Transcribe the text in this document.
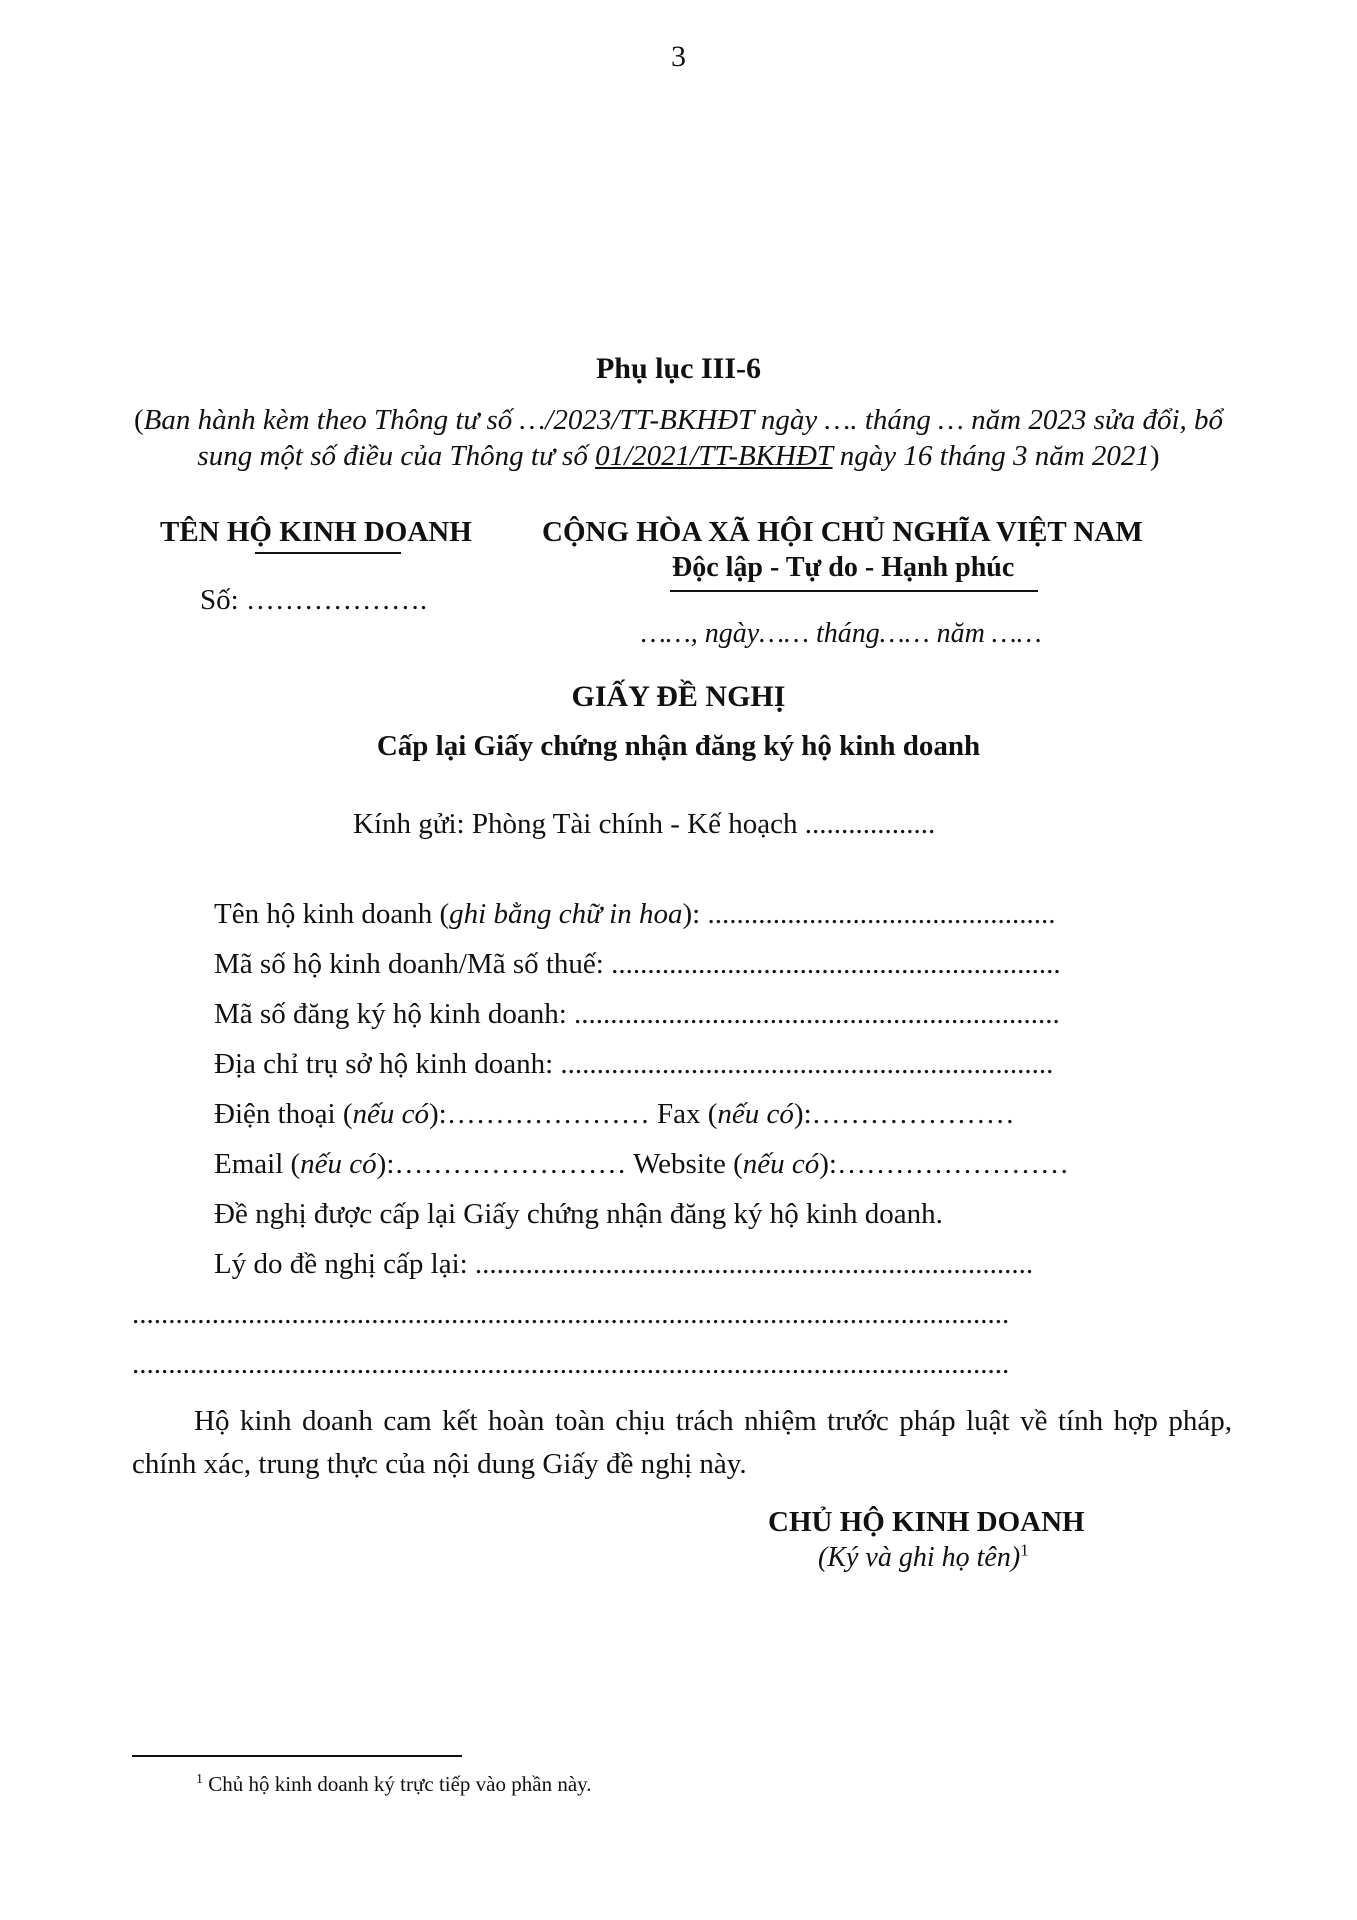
3
Phụ lục III-6
(Ban hành kèm theo Thông tư số …/2023/TT-BKHĐT ngày …. tháng … năm 2023 sửa đổi, bổ
sung một số điều của Thông tư số 01/2021/TT-BKHĐT ngày 16 tháng 3 năm 2021)
TÊN HỘ KINH DOANH
Số: ……………….
CỘNG HÒA XÃ HỘI CHỦ NGHĨA VIỆT NAM
Độc lập - Tự do - Hạnh phúc
……, ngày…… tháng…… năm ……
GIẤY ĐỀ NGHỊ
Cấp lại Giấy chứng nhận đăng ký hộ kinh doanh
Kính gửi: Phòng Tài chính - Kế hoạch ..................
Tên hộ kinh doanh (ghi bằng chữ in hoa): ................................................
Mã số hộ kinh doanh/Mã số thuế: ..............................................................
Mã số đăng ký hộ kinh doanh: ...................................................................
Địa chỉ trụ sở hộ kinh doanh: ....................................................................
Điện thoại (nếu có):………………… Fax (nếu có):…………………
Email (nếu có):…………………… Website (nếu có):……………………
Đề nghị được cấp lại Giấy chứng nhận đăng ký hộ kinh doanh.
Lý do đề nghị cấp lại: .............................................................................
.........................................................................................................................
.........................................................................................................................
Hộ kinh doanh cam kết hoàn toàn chịu trách nhiệm trước pháp luật về tính hợp pháp, chính xác, trung thực của nội dung Giấy đề nghị này.
CHỦ HỘ KINH DOANH
(Ký và ghi họ tên)$^1$
$^1$ Chủ hộ kinh doanh ký trực tiếp vào phần này.
